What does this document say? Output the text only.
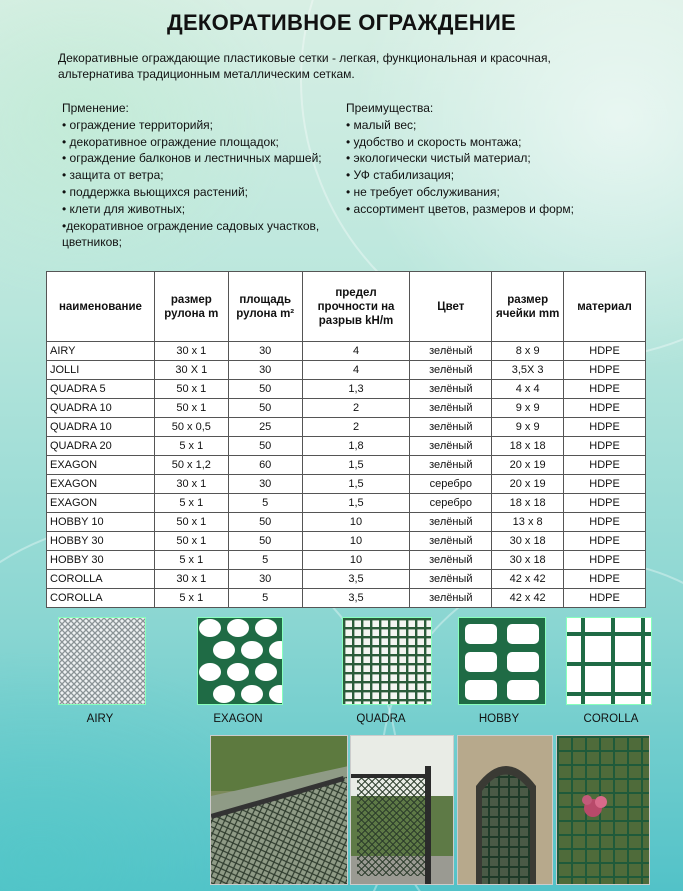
ДЕКОРАТИВНОЕ ОГРАЖДЕНИЕ
Декоративные ограждающие пластиковые сетки - легкая, функциональная и красочная, альтернатива традиционным металлическим сеткам.
Прменение:
• ограждение территорийя;
• декоративное ограждение площадок;
• ограждение балконов и лестничных маршей;
• защита от ветра;
• поддержка вьющихся растений;
• клети для животных;
•декоративное ограждение садовых участков, цветников;
Преимущества:
• малый вес;
• удобство и скорость монтажа;
• экологически чистый материал;
• УФ стабилизация;
• не требует обслуживания;
• ассортимент цветов, размеров и форм;
наименование	размер рулона m	площадь рулона m²	предел прочности на разрыв kH/m	Цвет	размер ячейки mm	материал
AIRY	30 x 1	30	4	зелёный	8 x 9	HDPE
JOLLI	30 X 1	30	4	зелёный	3,5X 3	HDPE
QUADRA 5	50 x 1	50	1,3	зелёный	4 x 4	HDPE
QUADRA 10	50 x 1	50	2	зелёный	9 x 9	HDPE
QUADRA 10	50 x 0,5	25	2	зелёный	9 x 9	HDPE
QUADRA 20	5 x 1	50	1,8	зелёный	18 x 18	HDPE
EXAGON	50 x 1,2	60	1,5	зелёный	20 x 19	HDPE
EXAGON	30 x 1	30	1,5	серебро	20 x 19	HDPE
EXAGON	5 x 1	5	1,5	серебро	18 x 18	HDPE
HOBBY 10	50 x 1	50	10	зелёный	13 x 8	HDPE
HOBBY 30	50 x 1	50	10	зелёный	30 x 18	HDPE
HOBBY 30	5 x 1	5	10	зелёный	30 x 18	HDPE
COROLLA	30 x 1	30	3,5	зелёный	42 x 42	HDPE
COROLLA	5 x 1	5	3,5	зелёный	42 x 42	HDPE
AIRY	EXAGON	QUADRA	HOBBY	COROLLA
